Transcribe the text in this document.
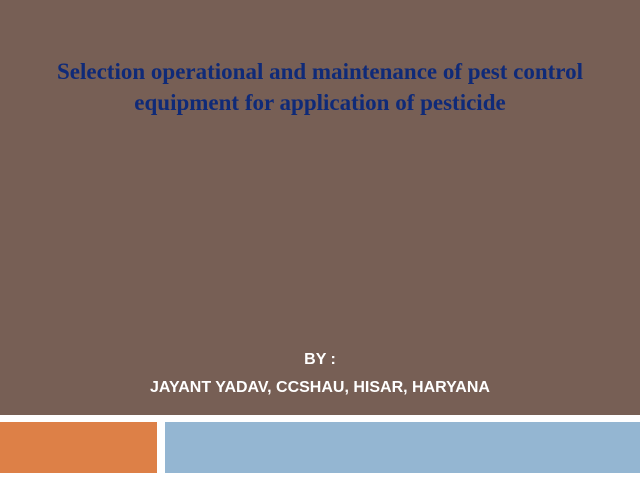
Selection operational and maintenance of pest control equipment for application of pesticide
BY :
JAYANT YADAV, CCSHAU, HISAR, HARYANA
